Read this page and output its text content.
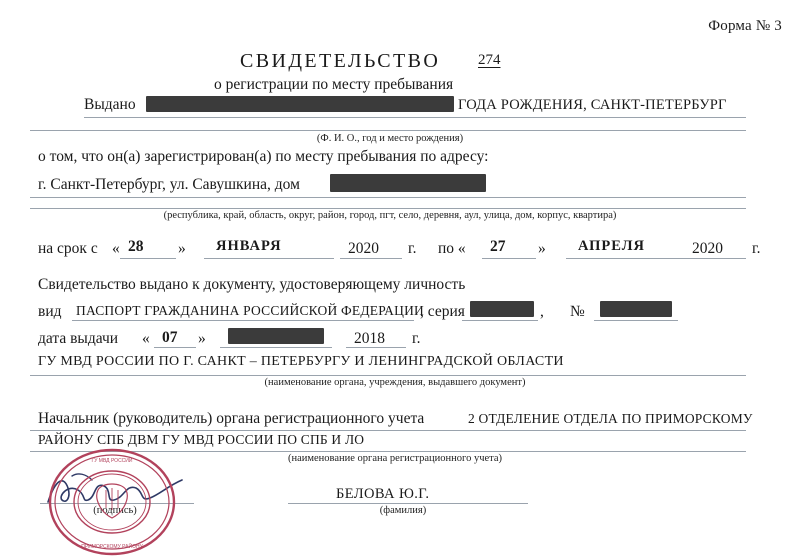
Форма № 3
СВИДЕТЕЛЬСТВО	274
о регистрации по месту пребывания
Выдано	ГОДА РОЖДЕНИЯ, САНКТ-ПЕТЕРБУРГ
(Ф. И. О., год и место рождения)
о том, что он(а) зарегистрирован(а) по месту пребывания по адресу:
г. Санкт-Петербург, ул. Савушкина, дом
(республика, край, область, округ, район, город, пгт, село, деревня, аул, улица, дом, корпус, квартира)
на срок с « 28 » ЯНВАРЯ	2020 г. по « 27 » АПРЕЛЯ	2020 г.
Свидетельство выдано к документу, удостоверяющему личность
вид ПАСПОРТ ГРАЖДАНИНА РОССИЙСКОЙ ФЕДЕРАЦИИ
, серия	, №
дата выдачи « 07 »	2018 г.
ГУ МВД РОССИИ ПО Г. САНКТ – ПЕТЕРБУРГУ И ЛЕНИНГРАДСКОЙ ОБЛАСТИ
(наименование органа, учреждения, выдавшего документ)
Начальник (руководитель) органа регистрационного учета	2 ОТДЕЛЕНИЕ ОТДЕЛА ПО ПРИМОРСКОМУ
РАЙОНУ СПБ ДВМ ГУ МВД РОССИИ ПО СПБ И ЛО
(наименование органа регистрационного учета)
(подпись)
БЕЛОВА Ю.Г.
(фамилия)
ГУ МВД РОССИИ
ПРИМОРСКОМУ РАЙОНУ
